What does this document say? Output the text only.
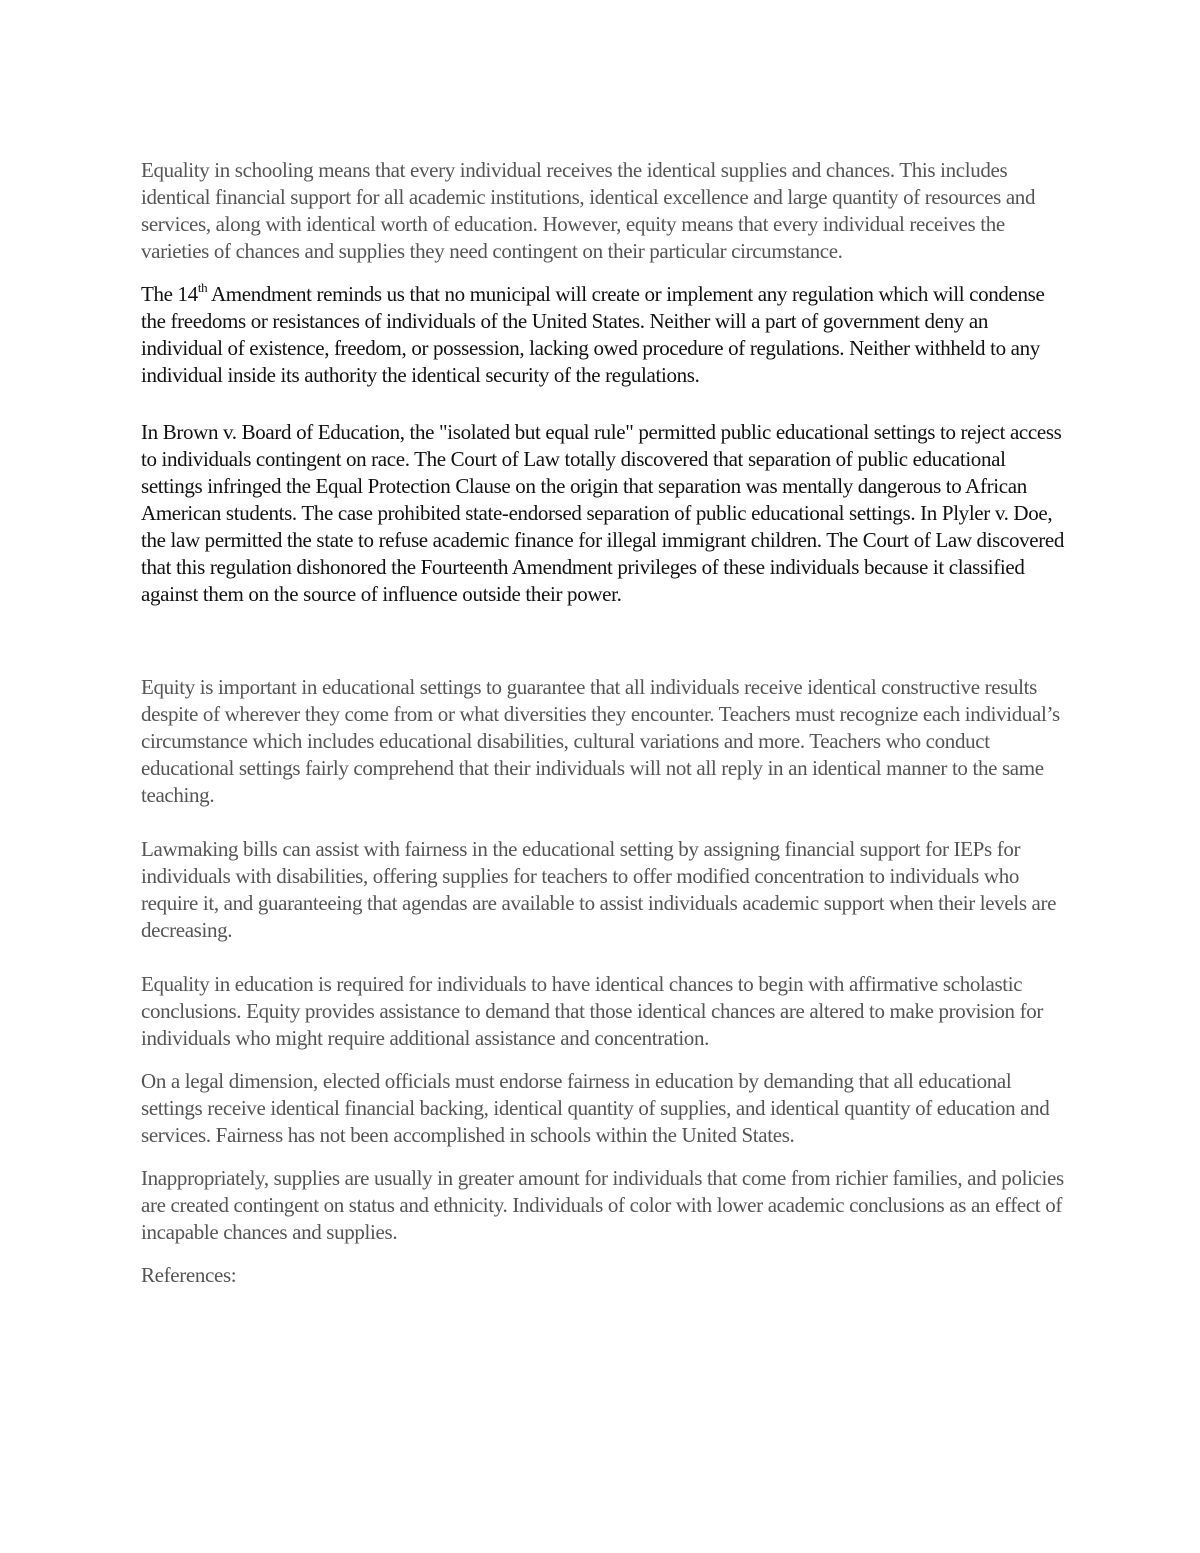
Equality in schooling means that every individual receives the identical supplies and chances. This includes identical financial support for all academic institutions, identical excellence and large quantity of resources and services, along with identical worth of education. However, equity means that every individual receives the varieties of chances and supplies they need contingent on their particular circumstance.

The 14th Amendment reminds us that no municipal will create or implement any regulation which will condense the freedoms or resistances of individuals of the United States. Neither will a part of government deny an individual of existence, freedom, or possession, lacking owed procedure of regulations. Neither withheld to any individual inside its authority the identical security of the regulations.

In Brown v. Board of Education, the "isolated but equal rule" permitted public educational settings to reject access to individuals contingent on race. The Court of Law totally discovered that separation of public educational settings infringed the Equal Protection Clause on the origin that separation was mentally dangerous to African American students. The case prohibited state-endorsed separation of public educational settings. In Plyler v. Doe, the law permitted the state to refuse academic finance for illegal immigrant children. The Court of Law discovered that this regulation dishonored the Fourteenth Amendment privileges of these individuals because it classified against them on the source of influence outside their power.

Equity is important in educational settings to guarantee that all individuals receive identical constructive results despite of wherever they come from or what diversities they encounter. Teachers must recognize each individual’s circumstance which includes educational disabilities, cultural variations and more. Teachers who conduct educational settings fairly comprehend that their individuals will not all reply in an identical manner to the same teaching.

Lawmaking bills can assist with fairness in the educational setting by assigning financial support for IEPs for individuals with disabilities, offering supplies for teachers to offer modified concentration to individuals who require it, and guaranteeing that agendas are available to assist individuals academic support when their levels are decreasing.

Equality in education is required for individuals to have identical chances to begin with affirmative scholastic conclusions. Equity provides assistance to demand that those identical chances are altered to make provision for individuals who might require additional assistance and concentration.

On a legal dimension, elected officials must endorse fairness in education by demanding that all educational settings receive identical financial backing, identical quantity of supplies, and identical quantity of education and services. Fairness has not been accomplished in schools within the United States.

Inappropriately, supplies are usually in greater amount for individuals that come from richier families, and policies are created contingent on status and ethnicity. Individuals of color with lower academic conclusions as an effect of incapable chances and supplies.

References:
